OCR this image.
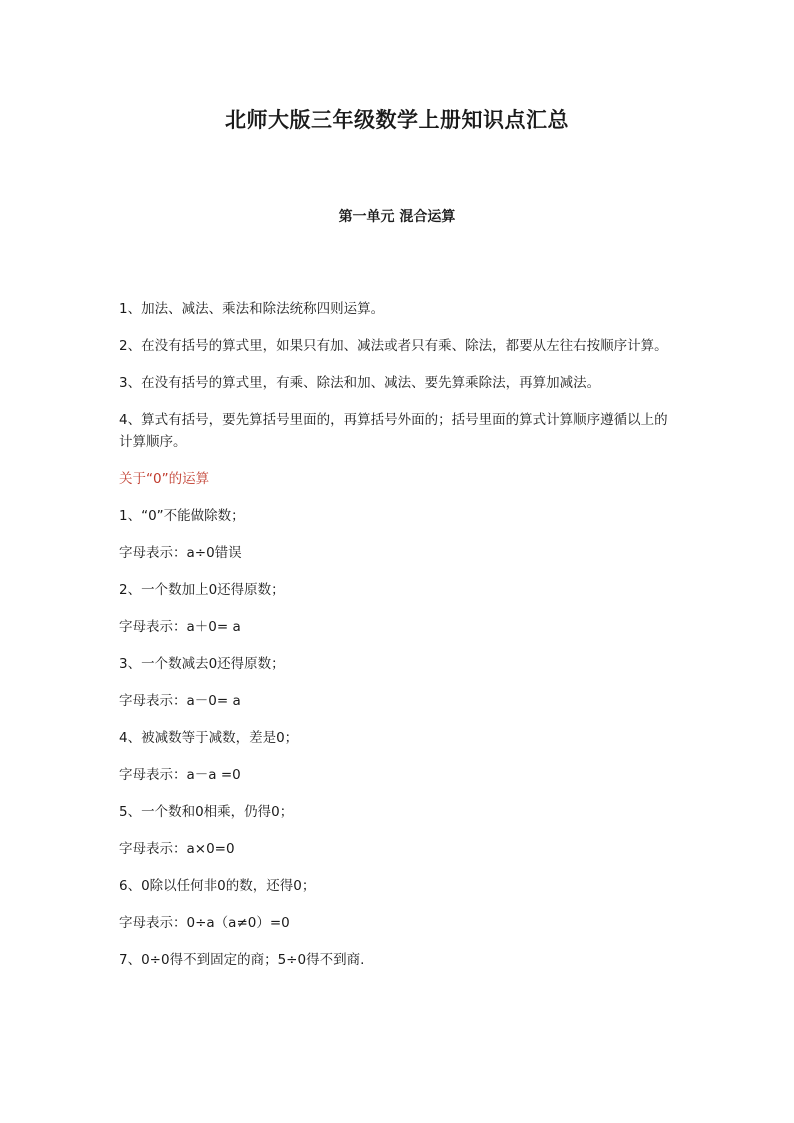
北师大版三年级数学上册知识点汇总
第一单元 混合运算

1、加法、减法、乘法和除法统称四则运算。

2、在没有括号的算式里，如果只有加、减法或者只有乘、除法，都要从左往右按顺序计算。

3、在没有括号的算式里，有乘、除法和加、减法、要先算乘除法，再算加减法。

4、算式有括号，要先算括号里面的，再算括号外面的；括号里面的算式计算顺序遵循以上的计算顺序。

关于“0”的运算

1、“0”不能做除数；

字母表示：a÷0错误

2、一个数加上0还得原数；

字母表示：a＋0= a

3、一个数减去0还得原数；

字母表示：a－0= a

4、被减数等于减数，差是0；

字母表示：a－a =0

5、一个数和0相乘，仍得0；

字母表示：a×0=0

6、0除以任何非0的数，还得0；

字母表示：0÷a（a≠0）=0

7、0÷0得不到固定的商；5÷0得不到商.
